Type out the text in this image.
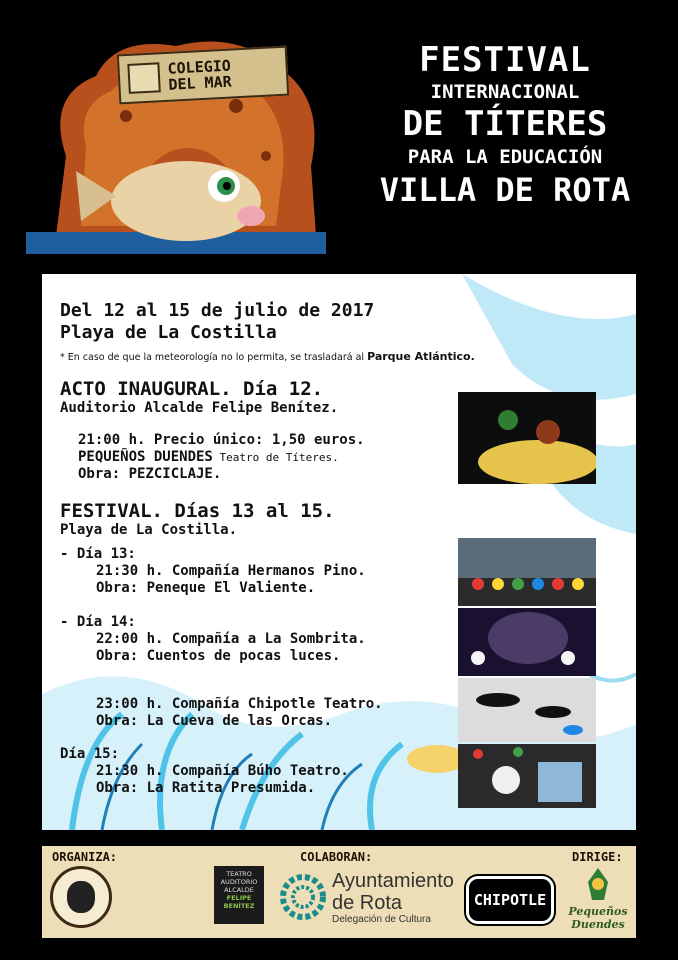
COLEGIO
DEL MAR
FESTIVAL
INTERNACIONAL
DE TÍTERES
PARA LA EDUCACIÓN
VILLA DE ROTA
Del 12 al 15 de julio de 2017
Playa de La Costilla
* En caso de que la meteorología no lo permita, se trasladará al Parque Atlántico.
ACTO INAUGURAL. Día 12.
Auditorio Alcalde Felipe Benítez.
21:00 h. Precio único: 1,50 euros.
PEQUEÑOS DUENDES Teatro de Títeres.
Obra: PEZCICLAJE.
FESTIVAL. Días 13 al 15.
Playa de La Costilla.
- Día 13:
21:30 h. Compañía Hermanos Pino.
Obra: Peneque El Valiente.
- Día 14:
22:00 h. Compañía a La Sombrita.
Obra: Cuentos de pocas luces.
23:00 h. Compañía Chipotle Teatro.
Obra: La Cueva de las Orcas.
Día 15:
21:30 h. Compañía Búho Teatro.
Obra: La Ratita Presumida.
ORGANIZA:	COLABORAN:	DIRIGE:
TEATRO
AUDITORIO
ALCALDE
FELIPE
BENÍTEZ
Ayuntamiento
de Rota
Delegación de Cultura
CHIPOTLE
Pequeños Duendes
